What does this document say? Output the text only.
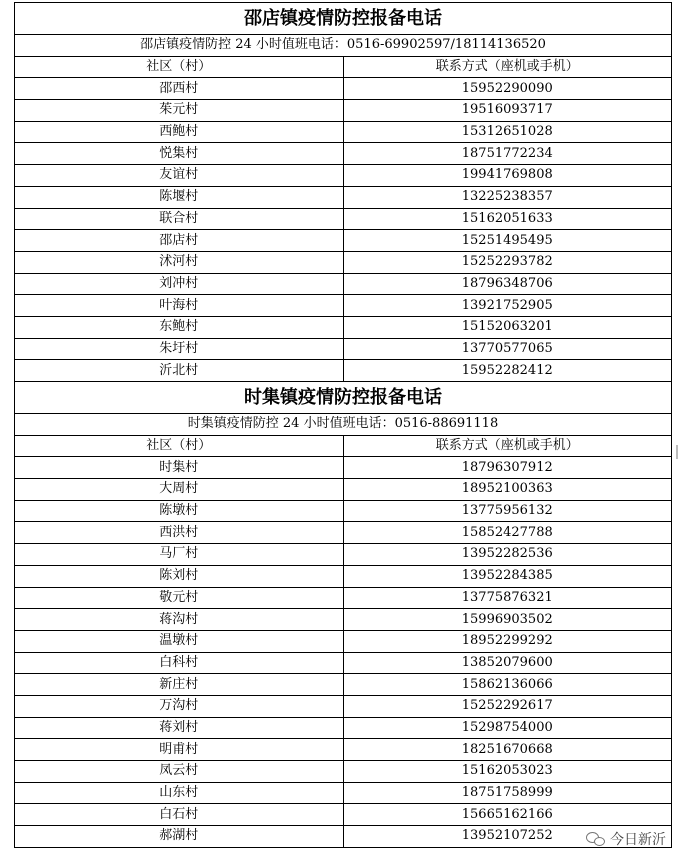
邵店镇疫情防控报备电话	
邵店镇疫情防控 24 小时值班电话：0516-69902597/18114136520	
社区（村）	联系方式（座机或手机）
邵西村	15952290090
茱元村	19516093717
西鲍村	15312651028
悦集村	18751772234
友谊村	19941769808
陈堰村	13225238357
联合村	15162051633
邵店村	15251495495
沭河村	15252293782
刘冲村	18796348706
叶海村	13921752905
东鲍村	15152063201
朱圩村	13770577065
沂北村	15952282412
时集镇疫情防控报备电话	
时集镇疫情防控 24 小时值班电话：0516-88691118	
社区（村）	联系方式（座机或手机）
时集村	18796307912
大周村	18952100363
陈墩村	13775956132
西洪村	15852427788
马厂村	13952282536
陈刘村	13952284385
敬元村	13775876321
蒋沟村	15996903502
温墩村	18952299292
白科村	13852079600
新庄村	15862136066
万沟村	15252292617
蒋刘村	15298754000
明甫村	18251670668
凤云村	15162053023
山东村	18751758999
白石村	15665162166
郝湖村	13952107252	今日新沂
